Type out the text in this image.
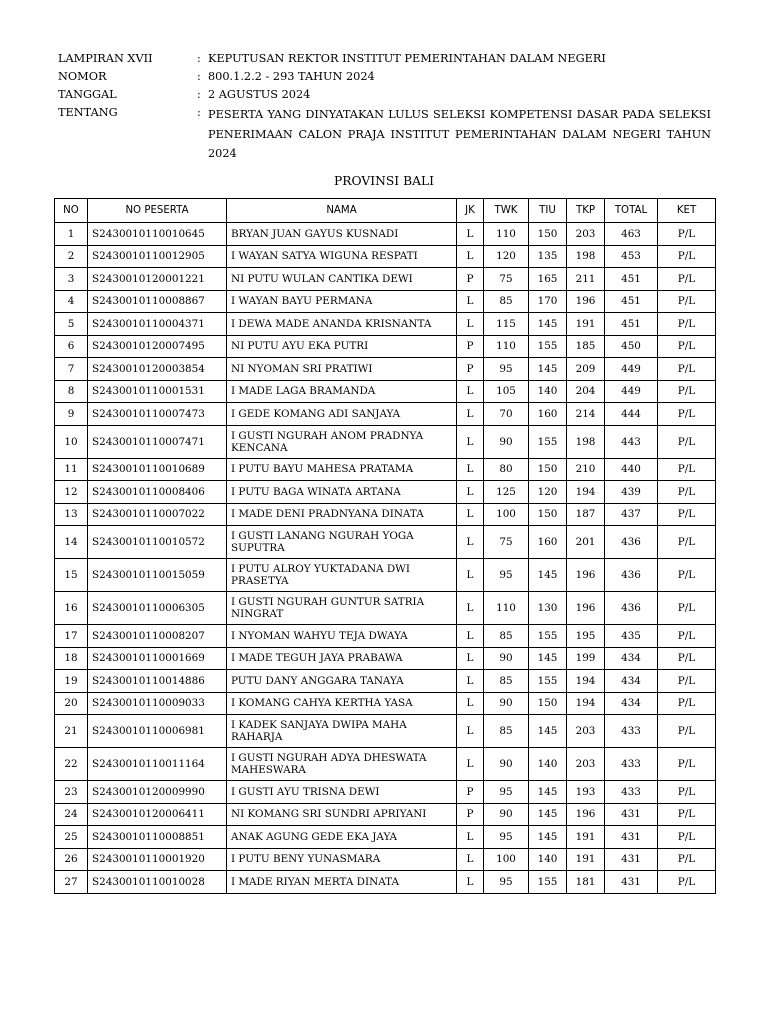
LAMPIRAN XVII	: KEPUTUSAN REKTOR INSTITUT PEMERINTAHAN DALAM NEGERI
NOMOR	: 800.1.2.2 - 293 TAHUN 2024
TANGGAL	: 2 AGUSTUS 2024
TENTANG	: PESERTA YANG DINYATAKAN LULUS SELEKSI KOMPETENSI DASAR PADA SELEKSI PENERIMAAN CALON PRAJA INSTITUT PEMERINTAHAN DALAM NEGERI TAHUN 2024
PROVINSI BALI
NO	NO PESERTA	NAMA	JK	TWK	TIU	TKP	TOTAL	KET
1	S2430010110010645	BRYAN JUAN GAYUS KUSNADI	L	110	150	203	463	P/L
2	S2430010110012905	I WAYAN SATYA WIGUNA RESPATI	L	120	135	198	453	P/L
3	S2430010120001221	NI PUTU WULAN CANTIKA DEWI	P	75	165	211	451	P/L
4	S2430010110008867	I WAYAN BAYU PERMANA	L	85	170	196	451	P/L
5	S2430010110004371	I DEWA MADE ANANDA KRISNANTA	L	115	145	191	451	P/L
6	S2430010120007495	NI PUTU AYU EKA PUTRI	P	110	155	185	450	P/L
7	S2430010120003854	NI NYOMAN SRI PRATIWI	P	95	145	209	449	P/L
8	S2430010110001531	I MADE LAGA BRAMANDA	L	105	140	204	449	P/L
9	S2430010110007473	I GEDE KOMANG ADI SANJAYA	L	70	160	214	444	P/L
10	S2430010110007471	I GUSTI NGURAH ANOM PRADNYA KENCANA	L	90	155	198	443	P/L
11	S2430010110010689	I PUTU BAYU MAHESA PRATAMA	L	80	150	210	440	P/L
12	S2430010110008406	I PUTU BAGA WINATA ARTANA	L	125	120	194	439	P/L
13	S2430010110007022	I MADE DENI PRADNYANA DINATA	L	100	150	187	437	P/L
14	S2430010110010572	I GUSTI LANANG NGURAH YOGA SUPUTRA	L	75	160	201	436	P/L
15	S2430010110015059	I PUTU ALROY YUKTADANA DWI PRASETYA	L	95	145	196	436	P/L
16	S2430010110006305	I GUSTI NGURAH GUNTUR SATRIA NINGRAT	L	110	130	196	436	P/L
17	S2430010110008207	I NYOMAN WAHYU TEJA DWAYA	L	85	155	195	435	P/L
18	S2430010110001669	I MADE TEGUH JAYA PRABAWA	L	90	145	199	434	P/L
19	S2430010110014886	PUTU DANY ANGGARA TANAYA	L	85	155	194	434	P/L
20	S2430010110009033	I KOMANG CAHYA KERTHA YASA	L	90	150	194	434	P/L
21	S2430010110006981	I KADEK SANJAYA DWIPA MAHA RAHARJA	L	85	145	203	433	P/L
22	S2430010110011164	I GUSTI NGURAH ADYA DHESWATA MAHESWARA	L	90	140	203	433	P/L
23	S2430010120009990	I GUSTI AYU TRISNA DEWI	P	95	145	193	433	P/L
24	S2430010120006411	NI KOMANG SRI SUNDRI APRIYANI	P	90	145	196	431	P/L
25	S2430010110008851	ANAK AGUNG GEDE EKA JAYA	L	95	145	191	431	P/L
26	S2430010110001920	I PUTU BENY YUNASMARA	L	100	140	191	431	P/L
27	S2430010110010028	I MADE RIYAN MERTA DINATA	L	95	155	181	431	P/L
